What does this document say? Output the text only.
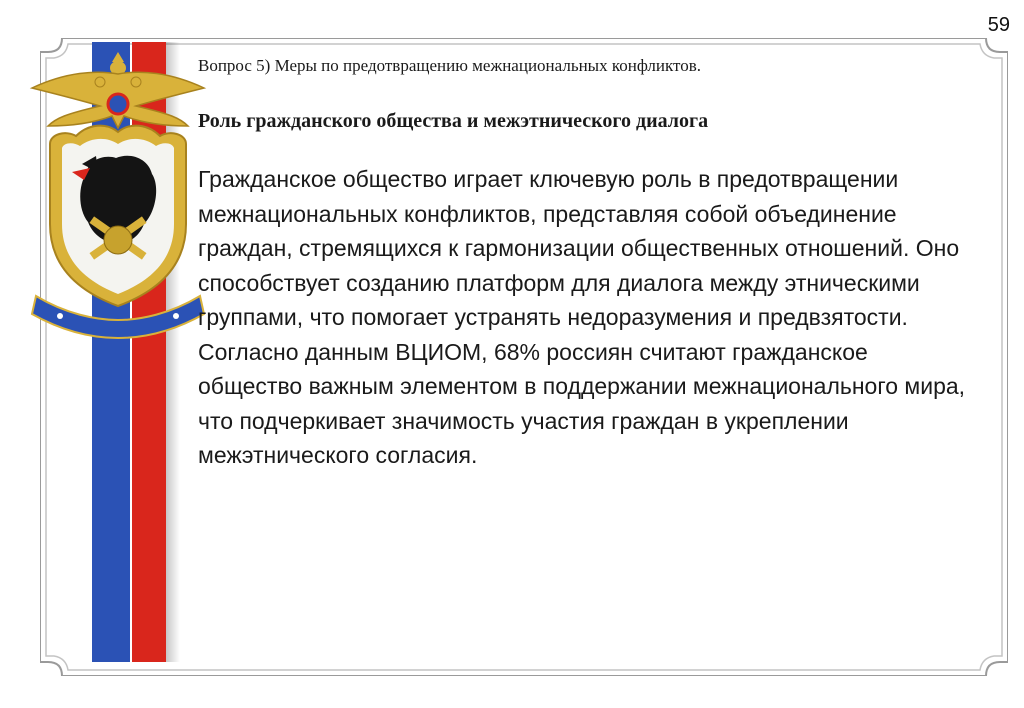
59

Вопрос 5) Меры по предотвращению межнациональных конфликтов.

Роль гражданского общества и межэтнического диалога

Гражданское общество играет ключевую роль в предотвращении межнациональных конфликтов, представляя собой объединение граждан, стремящихся к гармонизации общественных отношений. Оно способствует созданию платформ для диалога между этническими группами, что помогает устранять недоразумения и предвзятости. Согласно данным ВЦИОМ, 68% россиян считают гражданское общество важным элементом в поддержании межнационального мира, что подчеркивает значимость участия граждан в укреплении межэтнического согласия.
